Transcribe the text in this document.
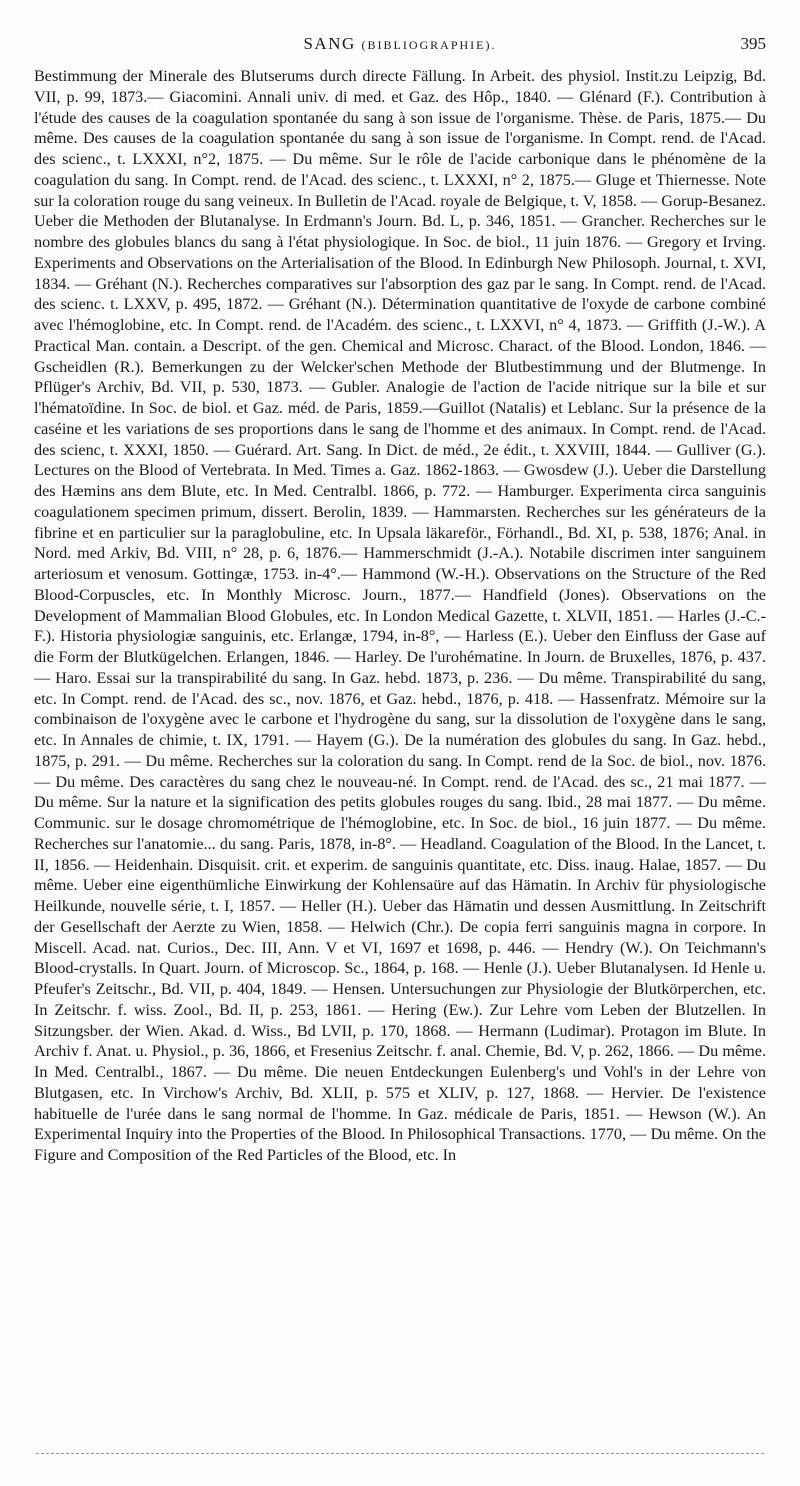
SANG (BIBLIOGRAPHIE).	395

Bestimmung der Minerale des Blutserums durch directe Fällung. In Arbeit. des physiol. Instit.zu Leipzig, Bd. VII, p. 99, 1873.— Giacomini. Annali univ. di med. et Gaz. des Hôp., 1840. — Glénard (F.). Contribution à l'étude des causes de la coagulation spontanée du sang à son issue de l'organisme. Thèse. de Paris, 1875.— Du même. Des causes de la coagulation spontanée du sang à son issue de l'organisme. In Compt. rend. de l'Acad. des scienc., t. LXXXI, n°2, 1875. — Du même. Sur le rôle de l'acide carbonique dans le phénomène de la coagulation du sang. In Compt. rend. de l'Acad. des scienc., t. LXXXI, n° 2, 1875.— Gluge et Thiernesse. Note sur la coloration rouge du sang veineux. In Bulletin de l'Acad. royale de Belgique, t. V, 1858. — Gorup-Besanez. Ueber die Methoden der Blutanalyse. In Erdmann's Journ. Bd. L, p. 346, 1851. — Grancher. Recherches sur le nombre des globules blancs du sang à l'état physiologique. In Soc. de biol., 11 juin 1876. — Gregory et Irving. Experiments and Observations on the Arterialisation of the Blood. In Edinburgh New Philosoph. Journal, t. XVI, 1834. — Gréhant (N.). Recherches comparatives sur l'absorption des gaz par le sang. In Compt. rend. de l'Acad. des scienc. t. LXXV, p. 495, 1872. — Gréhant (N.). Détermination quantitative de l'oxyde de carbone combiné avec l'hémoglobine, etc. In Compt. rend. de l'Académ. des scienc., t. LXXVI, n° 4, 1873. — Griffith (J.-W.). A Practical Man. contain. a Descript. of the gen. Chemical and Microsc. Charact. of the Blood. London, 1846. — Gscheidlen (R.). Bemerkungen zu der Welcker'schen Methode der Blutbestimmung und der Blutmenge. In Pflüger's Archiv, Bd. VII, p. 530, 1873. — Gubler. Analogie de l'action de l'acide nitrique sur la bile et sur l'hématoïdine. In Soc. de biol. et Gaz. méd. de Paris, 1859.—Guillot (Natalis) et Leblanc. Sur la présence de la caséine et les variations de ses proportions dans le sang de l'homme et des animaux. In Compt. rend. de l'Acad. des scienc, t. XXXI, 1850. — Guérard. Art. Sang. In Dict. de méd., 2e édit., t. XXVIII, 1844. — Gulliver (G.). Lectures on the Blood of Vertebrata. In Med. Times a. Gaz. 1862-1863. — Gwosdew (J.). Ueber die Darstellung des Hæmins ans dem Blute, etc. In Med. Centralbl. 1866, p. 772. — Hamburger. Experimenta circa sanguinis coagulationem specimen primum, dissert. Berolin, 1839. — Hammarsten. Recherches sur les générateurs de la fibrine et en particulier sur la paraglobuline, etc. In Upsala läkareför., Förhandl., Bd. XI, p. 538, 1876; Anal. in Nord. med Arkiv, Bd. VIII, n° 28, p. 6, 1876.— Hammerschmidt (J.-A.). Notabile discrimen inter sanguinem arteriosum et venosum. Gottingæ, 1753. in-4°.— Hammond (W.-H.). Observations on the Structure of the Red Blood-Corpuscles, etc. In Monthly Microsc. Journ., 1877.— Handfield (Jones). Observations on the Development of Mammalian Blood Globules, etc. In London Medical Gazette, t. XLVII, 1851. — Harles (J.-C.-F.). Historia physiologiæ sanguinis, etc. Erlangæ, 1794, in-8°, — Harless (E.). Ueber den Einfluss der Gase auf die Form der Blutkügelchen. Erlangen, 1846. — Harley. De l'urohématine. In Journ. de Bruxelles, 1876, p. 437.— Haro. Essai sur la transpirabilité du sang. In Gaz. hebd. 1873, p. 236. — Du même. Transpirabilité du sang, etc. In Compt. rend. de l'Acad. des sc., nov. 1876, et Gaz. hebd., 1876, p. 418. — Hassenfratz. Mémoire sur la combinaison de l'oxygène avec le carbone et l'hydrogène du sang, sur la dissolution de l'oxygène dans le sang, etc. In Annales de chimie, t. IX, 1791. — Hayem (G.). De la numération des globules du sang. In Gaz. hebd., 1875, p. 291. — Du même. Recherches sur la coloration du sang. In Compt. rend de la Soc. de biol., nov. 1876. — Du même. Des caractères du sang chez le nouveau-né. In Compt. rend. de l'Acad. des sc., 21 mai 1877. — Du même. Sur la nature et la signification des petits globules rouges du sang. Ibid., 28 mai 1877. — Du même. Communic. sur le dosage chromométrique de l'hémoglobine, etc. In Soc. de biol., 16 juin 1877. — Du même. Recherches sur l'anatomie... du sang. Paris, 1878, in-8°. — Headland. Coagulation of the Blood. In the Lancet, t. II, 1856. — Heidenhain. Disquisit. crit. et experim. de sanguinis quantitate, etc. Diss. inaug. Halae, 1857. — Du même. Ueber eine eigenthümliche Einwirkung der Kohlensaüre auf das Hämatin. In Archiv für physiologische Heilkunde, nouvelle série, t. I, 1857. — Heller (H.). Ueber das Hämatin und dessen Ausmittlung. In Zeitschrift der Gesellschaft der Aerzte zu Wien, 1858. — Helwich (Chr.). De copia ferri sanguinis magna in corpore. In Miscell. Acad. nat. Curios., Dec. III, Ann. V et VI, 1697 et 1698, p. 446. — Hendry (W.). On Teichmann's Blood-crystalls. In Quart. Journ. of Microscop. Sc., 1864, p. 168. — Henle (J.). Ueber Blutanalysen. Id Henle u. Pfeufer's Zeitschr., Bd. VII, p. 404, 1849. — Hensen. Untersuchungen zur Physiologie der Blutkörperchen, etc. In Zeitschr. f. wiss. Zool., Bd. II, p. 253, 1861. — Hering (Ew.). Zur Lehre vom Leben der Blutzellen. In Sitzungsber. der Wien. Akad. d. Wiss., Bd LVII, p. 170, 1868. — Hermann (Ludimar). Protagon im Blute. In Archiv f. Anat. u. Physiol., p. 36, 1866, et Fresenius Zeitschr. f. anal. Chemie, Bd. V, p. 262, 1866. — Du même. In Med. Centralbl., 1867. — Du même. Die neuen Entdeckungen Eulenberg's und Vohl's in der Lehre von Blutgasen, etc. In Virchow's Archiv, Bd. XLII, p. 575 et XLIV, p. 127, 1868. — Hervier. De l'existence habituelle de l'urée dans le sang normal de l'homme. In Gaz. médicale de Paris, 1851. — Hewson (W.). An Experimental Inquiry into the Properties of the Blood. In Philosophical Transactions. 1770, — Du même. On the Figure and Composition of the Red Particles of the Blood, etc. In
